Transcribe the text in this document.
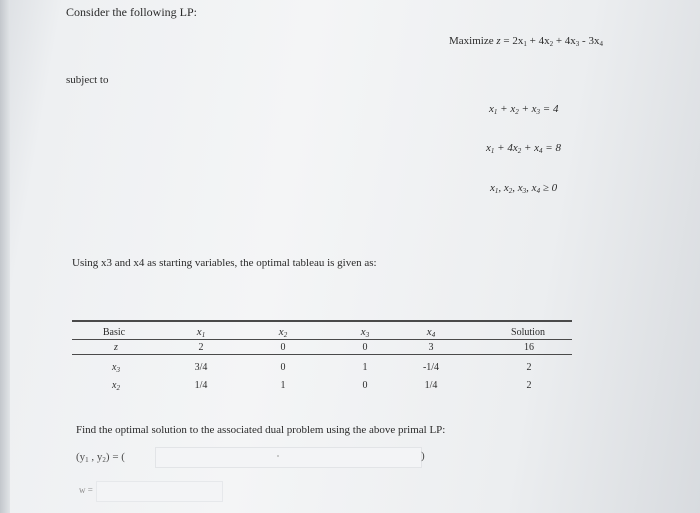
Consider the following LP:
Maximize $z = 2x_1 + 4x_2 + 4x_3 - 3x_4$
subject to
$x_1 + x_2 + x_3 = 4$
$x_1 + 4x_2 + x_4 = 8$
$x_1$, $x_2$, $x_3$, $x_4 \ge 0$
Using x3 and x4 as starting variables, the optimal tableau is given as:
Basic	$x_1$	$x_2$	$x_3$	$x_4$	Solution
z	2	0	0	3	16
$x_3$	3/4	0	1	-1/4	2
$x_2$	1/4	1	0	1/4	2
Find the optimal solution to the associated dual problem using the above primal LP:
($y_1$ , $y_2$) = (	)
w =
